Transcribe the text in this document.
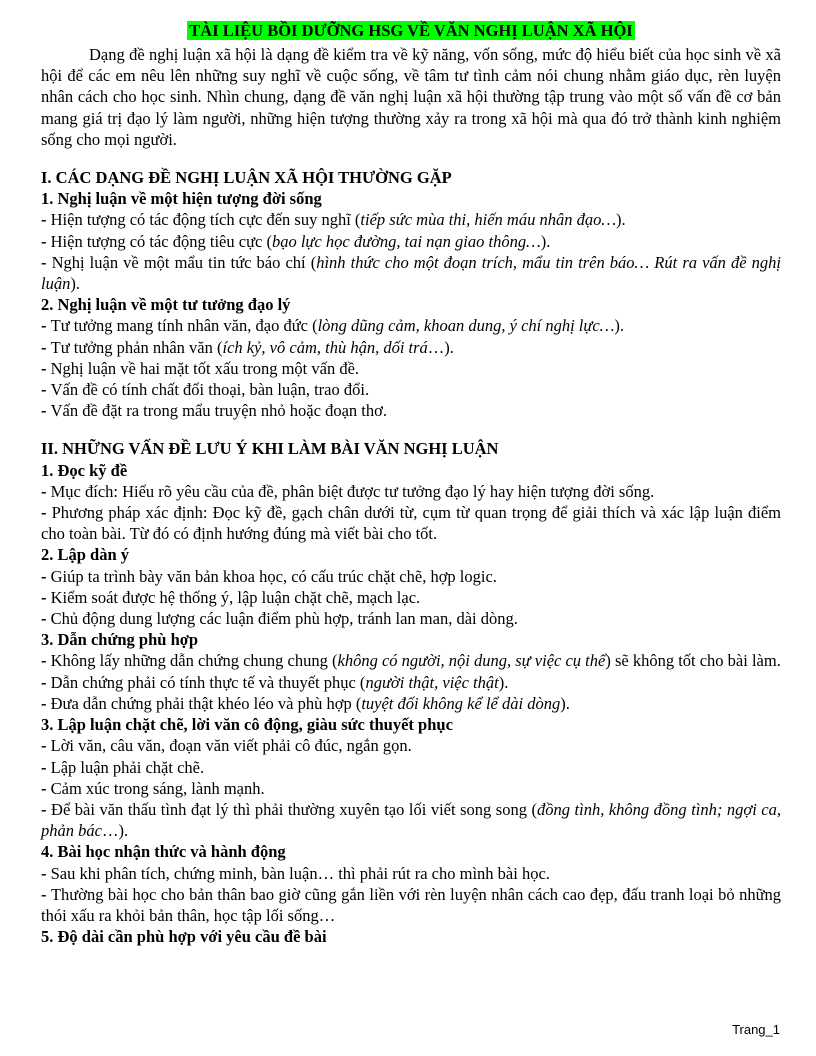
TÀI LIỆU BỒI DƯỠNG HSG VỀ VĂN NGHỊ LUẬN XÃ HỘI

Dạng đề nghị luận xã hội là dạng đề kiểm tra về kỹ năng, vốn sống, mức độ hiểu biết của học sinh về xã hội để các em nêu lên những suy nghĩ về cuộc sống, về tâm tư tình cảm nói chung nhằm giáo dục, rèn luyện nhân cách cho học sinh. Nhìn chung, dạng đề văn nghị luận xã hội thường tập trung vào một số vấn đề cơ bản mang giá trị đạo lý làm người, những hiện tượng thường xảy ra trong xã hội mà qua đó trở thành kinh nghiệm sống cho mọi người.

I. CÁC DẠNG ĐỀ NGHỊ LUẬN XÃ HỘI THƯỜNG GẶP

1. Nghị luận về một hiện tượng đời sống

- Hiện tượng có tác động tích cực đến suy nghĩ (tiếp sức mùa thi, hiến máu nhân đạo…).

- Hiện tượng có tác động tiêu cực (bạo lực học đường, tai nạn giao thông…).

- Nghị luận về một mẩu tin tức báo chí (hình thức cho một đoạn trích, mẩu tin trên báo… Rút ra vấn đề nghị luận).

2. Nghị luận về một tư tưởng đạo lý

- Tư tưởng mang tính nhân văn, đạo đức (lòng dũng cảm, khoan dung, ý chí nghị lực…).

- Tư tưởng phản nhân văn (ích kỷ, vô cảm, thù hận, dối trá…).

- Nghị luận về hai mặt tốt xấu trong một vấn đề.

- Vấn đề có tính chất đối thoại, bàn luận, trao đổi.

- Vấn đề đặt ra trong mẩu truyện nhỏ hoặc đoạn thơ.

II. NHỮNG VẤN ĐỀ LƯU Ý KHI LÀM BÀI VĂN NGHỊ LUẬN

1. Đọc kỹ đề

- Mục đích: Hiểu rõ yêu cầu của đề, phân biệt được tư tưởng đạo lý hay hiện tượng đời sống.

- Phương pháp xác định: Đọc kỹ đề, gạch chân dưới từ, cụm từ quan trọng để giải thích và xác lập luận điểm cho toàn bài. Từ đó có định hướng đúng mà viết bài cho tốt.

2. Lập dàn ý

- Giúp ta trình bày văn bản khoa học, có cấu trúc chặt chẽ, hợp logic.

- Kiểm soát được hệ thống ý, lập luận chặt chẽ, mạch lạc.

- Chủ động dung lượng các luận điểm phù hợp, tránh lan man, dài dòng.

3. Dẫn chứng phù hợp

- Không lấy những dẫn chứng chung chung (không có người, nội dung, sự việc cụ thể) sẽ không tốt cho bài làm.

- Dẫn chứng phải có tính thực tế và thuyết phục (người thật, việc thật).

- Đưa dẫn chứng phải thật khéo léo và phù hợp (tuyệt đối không kể lể dài dòng).

3. Lập luận chặt chẽ, lời văn cô động, giàu sức thuyết phục

- Lời văn, câu văn, đoạn văn viết phải cô đúc, ngắn gọn.

- Lập luận phải chặt chẽ.

- Cảm xúc trong sáng, lành mạnh.

- Để bài văn thấu tình đạt lý thì phải thường xuyên tạo lối viết song song (đồng tình, không đồng tình; ngợi ca, phản bác…).

4. Bài học nhận thức và hành động

- Sau khi phân tích, chứng minh, bàn luận… thì phải rút ra cho mình bài học.

- Thường bài học cho bản thân bao giờ cũng gắn liền với rèn luyện nhân cách cao đẹp, đấu tranh loại bỏ những thói xấu ra khỏi bản thân, học tập lối sống…

5. Độ dài cần phù hợp với yêu cầu đề bài

Trang_1
